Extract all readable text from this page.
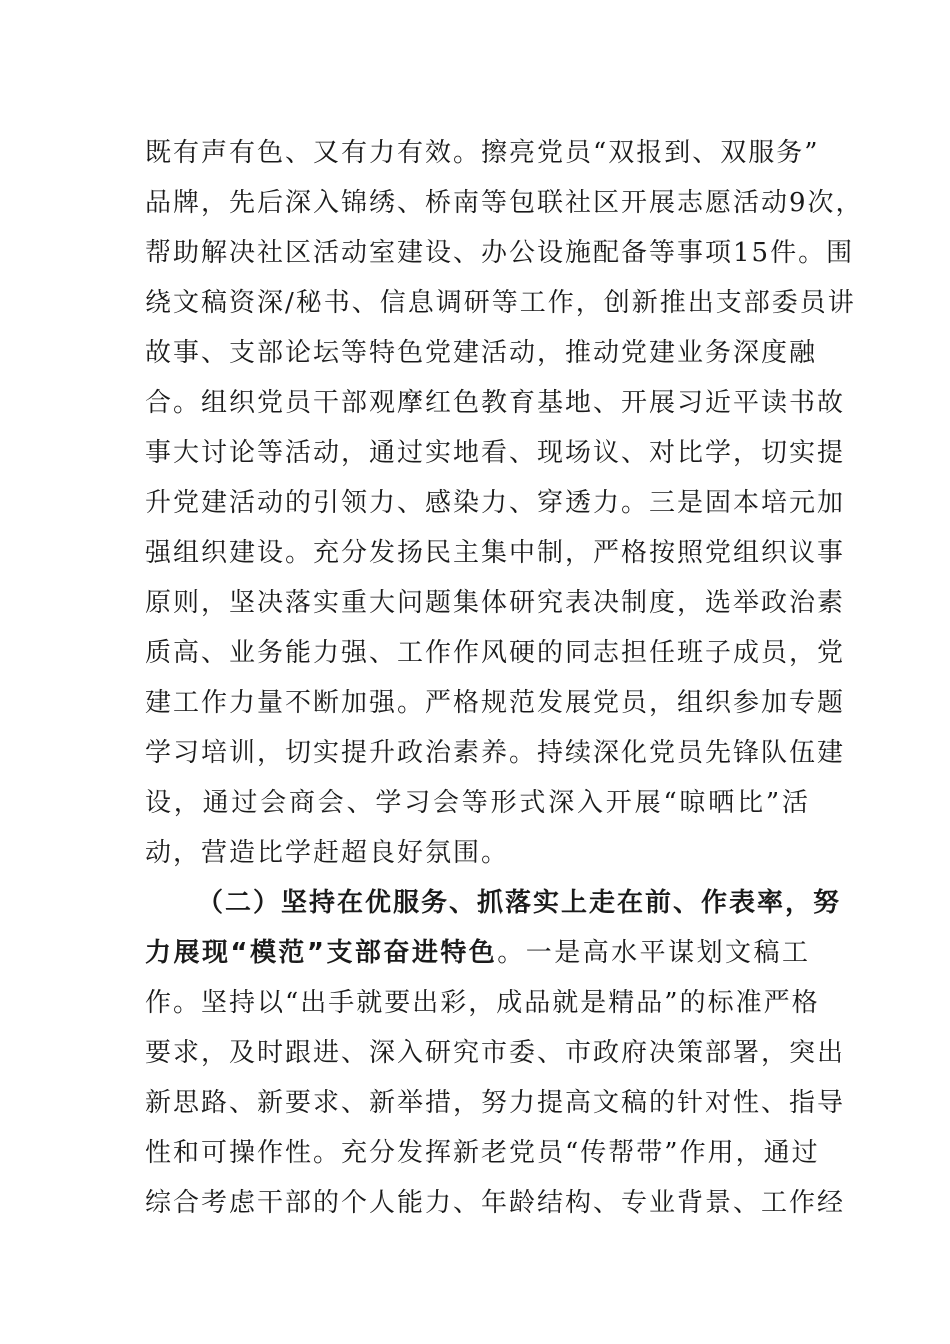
既有声有色、又有力有效。擦亮党员“双报到、双服务”
品牌，先后深入锦绣、桥南等包联社区开展志愿活动9次，
帮助解决社区活动室建设、办公设施配备等事项15件。围
绕文稿资深/秘书、信息调研等工作，创新推出支部委员讲
故事、支部论坛等特色党建活动，推动党建业务深度融
合。组织党员干部观摩红色教育基地、开展习近平读书故
事大讨论等活动，通过实地看、现场议、对比学，切实提
升党建活动的引领力、感染力、穿透力。三是固本培元加
强组织建设。充分发扬民主集中制，严格按照党组织议事
原则，坚决落实重大问题集体研究表决制度，选举政治素
质高、业务能力强、工作作风硬的同志担任班子成员，党
建工作力量不断加强。严格规范发展党员，组织参加专题
学习培训，切实提升政治素养。持续深化党员先锋队伍建
设，通过会商会、学习会等形式深入开展“晾晒比”活
动，营造比学赶超良好氛围。
（二）坚持在优服务、抓落实上走在前、作表率，努
力展现“模范”支部奋进特色。一是高水平谋划文稿工
作。坚持以“出手就要出彩，成品就是精品”的标准严格
要求，及时跟进、深入研究市委、市政府决策部署，突出
新思路、新要求、新举措，努力提高文稿的针对性、指导
性和可操作性。充分发挥新老党员“传帮带”作用，通过
综合考虑干部的个人能力、年龄结构、专业背景、工作经
